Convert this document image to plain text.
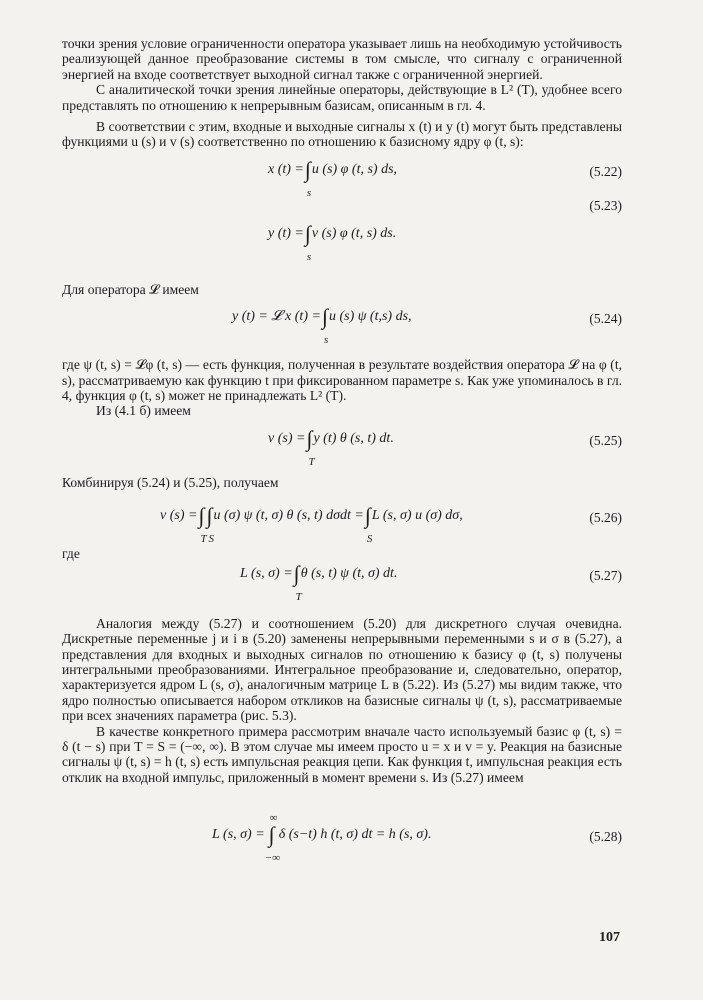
точки зрения условие ограниченности оператора указывает лишь на необходимую устойчивость реализующей данное преобразование системы в том смысле, что сигналу с ограниченной энергией на входе соответствует выходной сигнал также с ограниченной энергией.

С аналитической точки зрения линейные операторы, действующие в L² (T), удобнее всего представлять по отношению к непрерывным базисам, описанным в гл. 4.

В соответствии с этим, входные и выходные сигналы x (t) и y (t) могут быть представлены функциями u (s) и v (s) соответственно по отношению к базисному ядру φ (t, s):

x (t) =∫
s
u (s) φ (t, s) ds,	(5.22)
(5.23)
y (t) =∫
s
v (s) φ (t, s) ds.

Для оператора 𝓛 имеем

y (t) = 𝓛 x (t) =∫
s
u (s) ψ (t,s) ds,	(5.24)

где ψ (t, s) = 𝓛φ (t, s) — есть функция, полученная в результате воздействия оператора 𝓛 на φ (t, s), рассматриваемую как функцию t при фиксированном параметре s. Как уже упоминалось в гл. 4, функция φ (t, s) может не принадлежать L² (T).

Из (4.1 б) имеем

v (s) =∫
T
y (t) θ (s, t) dt.	(5.25)

Комбинируя (5.24) и (5.25), получаем

v (s) =∫
T
∫
S
u (σ) ψ (t, σ) θ (s, t) dσdt =∫
S
L (s, σ) u (σ) dσ,	(5.26)

где

L (s, σ) =∫
T
θ (s, t) ψ (t, σ) dt.	(5.27)

Аналогия между (5.27) и соотношением (5.20) для дискретного случая очевидна. Дискретные переменные j и i в (5.20) заменены непрерывными переменными s и σ в (5.27), а представления для входных и выходных сигналов по отношению к базису φ (t, s) получены интегральными преобразованиями. Интегральное преобразование и, следовательно, оператор, характеризуется ядром L (s, σ), аналогичным матрице L в (5.22). Из (5.27) мы видим также, что ядро полностью описывается набором откликов на базисные сигналы ψ (t, s), рассматриваемые при всех значениях параметра (рис. 5.3).

В качестве конкретного примера рассмотрим вначале часто используемый базис φ (t, s) = δ (t − s) при T = S = (−∞, ∞). В этом случае мы имеем просто u = x и v = y. Реакция на базисные сигналы ψ (t, s) = h (t, s) есть импульсная реакция цепи. Как функция t, импульсная реакция есть отклик на входной импульс, приложенный в момент времени s. Из (5.27) имеем

L (s, σ) = ∫
∞
−∞
δ (s−t) h (t, σ) dt = h (s, σ).	(5.28)
107
